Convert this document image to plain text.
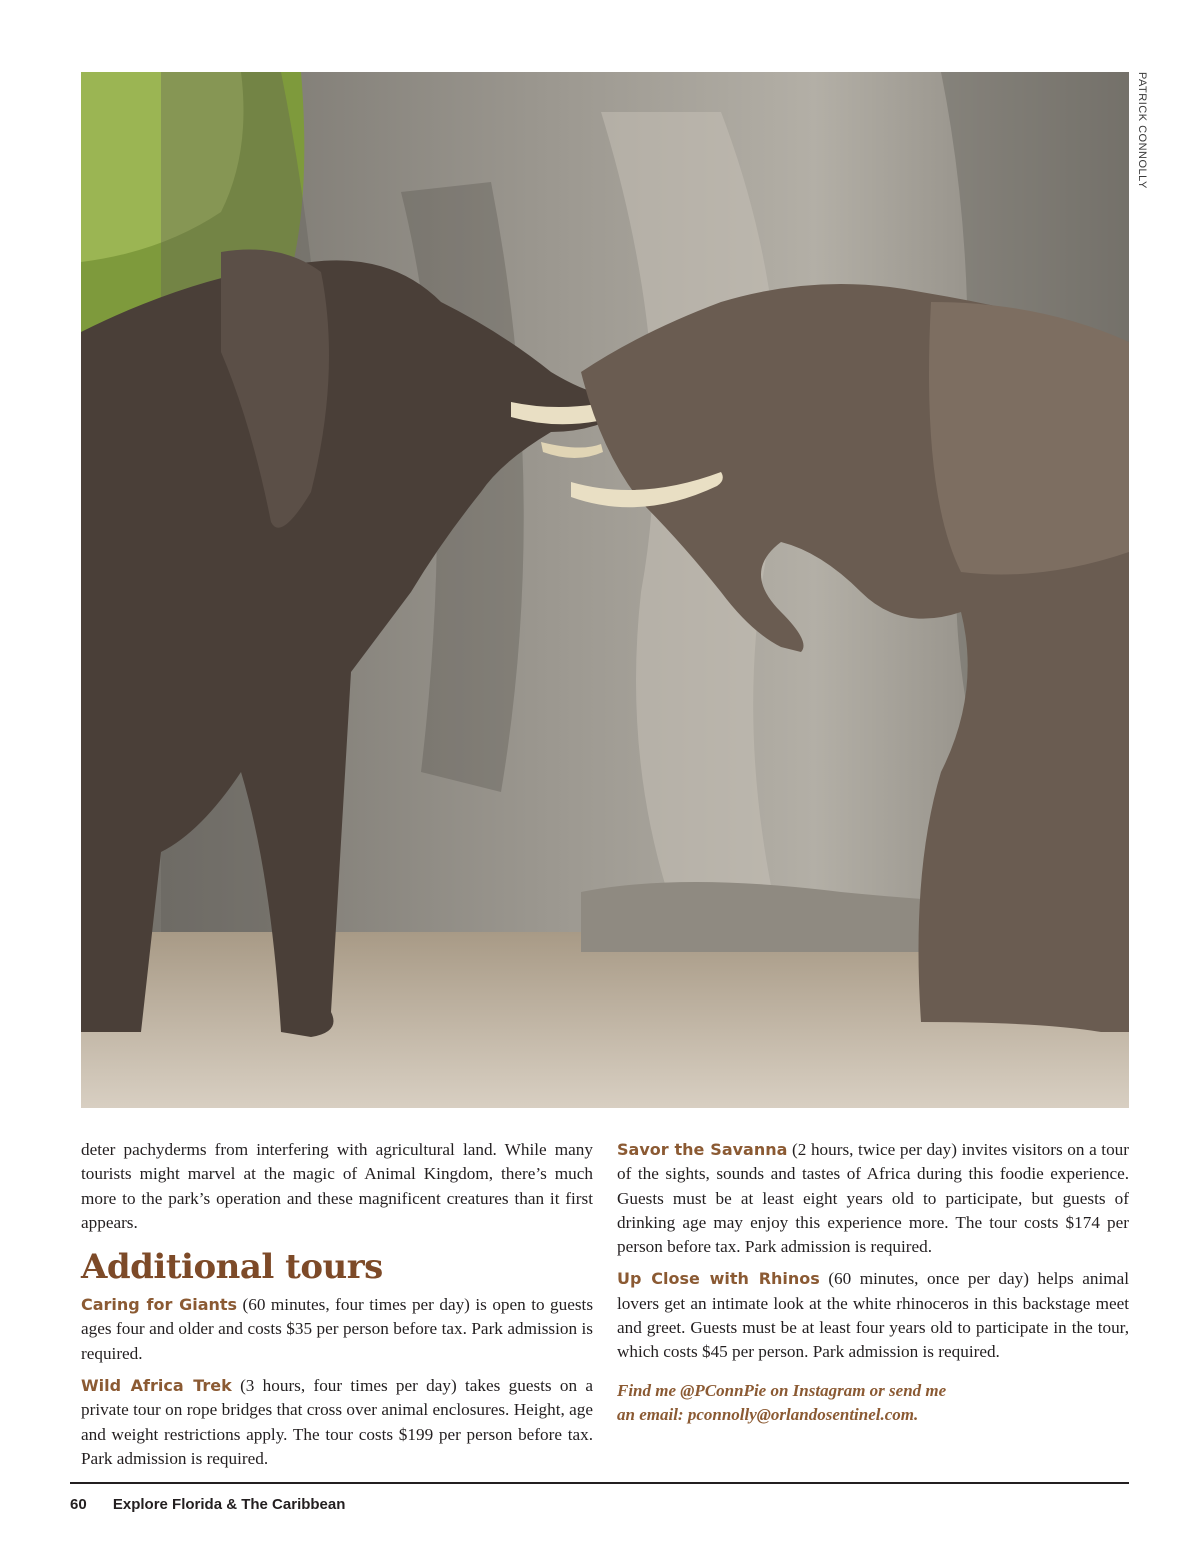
PATRICK CONNOLLY

deter pachyderms from interfering with agricultural land. While many tourists might marvel at the magic of Animal Kingdom, there’s much more to the park’s operation and these magnificent creatures than it first appears.

Additional tours

Caring for Giants (60 minutes, four times per day) is open to guests ages four and older and costs $35 per person before tax. Park admission is required.

Wild Africa Trek (3 hours, four times per day) takes guests on a private tour on rope bridges that cross over animal enclosures. Height, age and weight restrictions apply. The tour costs $199 per person before tax. Park admission is required.

Savor the Savanna (2 hours, twice per day) invites visitors on a tour of the sights, sounds and tastes of Africa during this foodie experience. Guests must be at least eight years old to participate, but guests of drinking age may enjoy this experience more. The tour costs $174 per person before tax. Park admission is required.

Up Close with Rhinos (60 minutes, once per day) helps animal lovers get an intimate look at the white rhinoceros in this backstage meet and greet. Guests must be at least four years old to participate in the tour, which costs $45 per person. Park admission is required.

Find me @PConnPie on Instagram or send me
an email: pconnolly@orlandosentinel.com.
60 Explore Florida & The Caribbean
